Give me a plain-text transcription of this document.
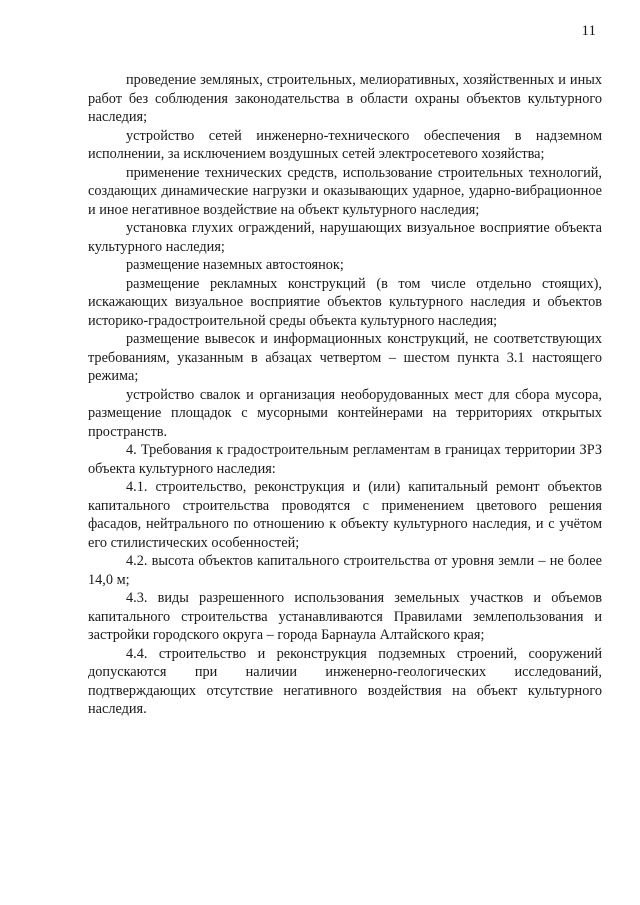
11

проведение земляных, строительных, мелиоративных, хозяйственных и иных работ без соблюдения законодательства в области охраны объектов культурного наследия;

устройство сетей инженерно-технического обеспечения в надземном исполнении, за исключением воздушных сетей электросетевого хозяйства;

применение технических средств, использование строительных технологий, создающих динамические нагрузки и оказывающих ударное, ударно-вибрационное и иное негативное воздействие на объект культурного наследия;

установка глухих ограждений, нарушающих визуальное восприятие объекта культурного наследия;

размещение наземных автостоянок;

размещение рекламных конструкций (в том числе отдельно стоящих), искажающих визуальное восприятие объектов культурного наследия и объектов историко-градостроительной среды объекта культурного наследия;

размещение вывесок и информационных конструкций, не соответствующих требованиям, указанным в абзацах четвертом – шестом пункта 3.1 настоящего режима;

устройство свалок и организация необорудованных мест для сбора мусора, размещение площадок с мусорными контейнерами на территориях открытых пространств.

4. Требования к градостроительным регламентам в границах территории ЗРЗ объекта культурного наследия:

4.1. строительство, реконструкция и (или) капитальный ремонт объектов капитального строительства проводятся с применением цветового решения фасадов, нейтрального по отношению к объекту культурного наследия, и с учётом его стилистических особенностей;

4.2. высота объектов капитального строительства от уровня земли – не более 14,0 м;

4.3. виды разрешенного использования земельных участков и объемов капитального строительства устанавливаются Правилами землепользования и застройки городского округа – города Барнаула Алтайского края;

4.4. строительство и реконструкция подземных строений, сооружений допускаются при наличии инженерно-геологических исследований, подтверждающих отсутствие негативного воздействия на объект культурного наследия.
